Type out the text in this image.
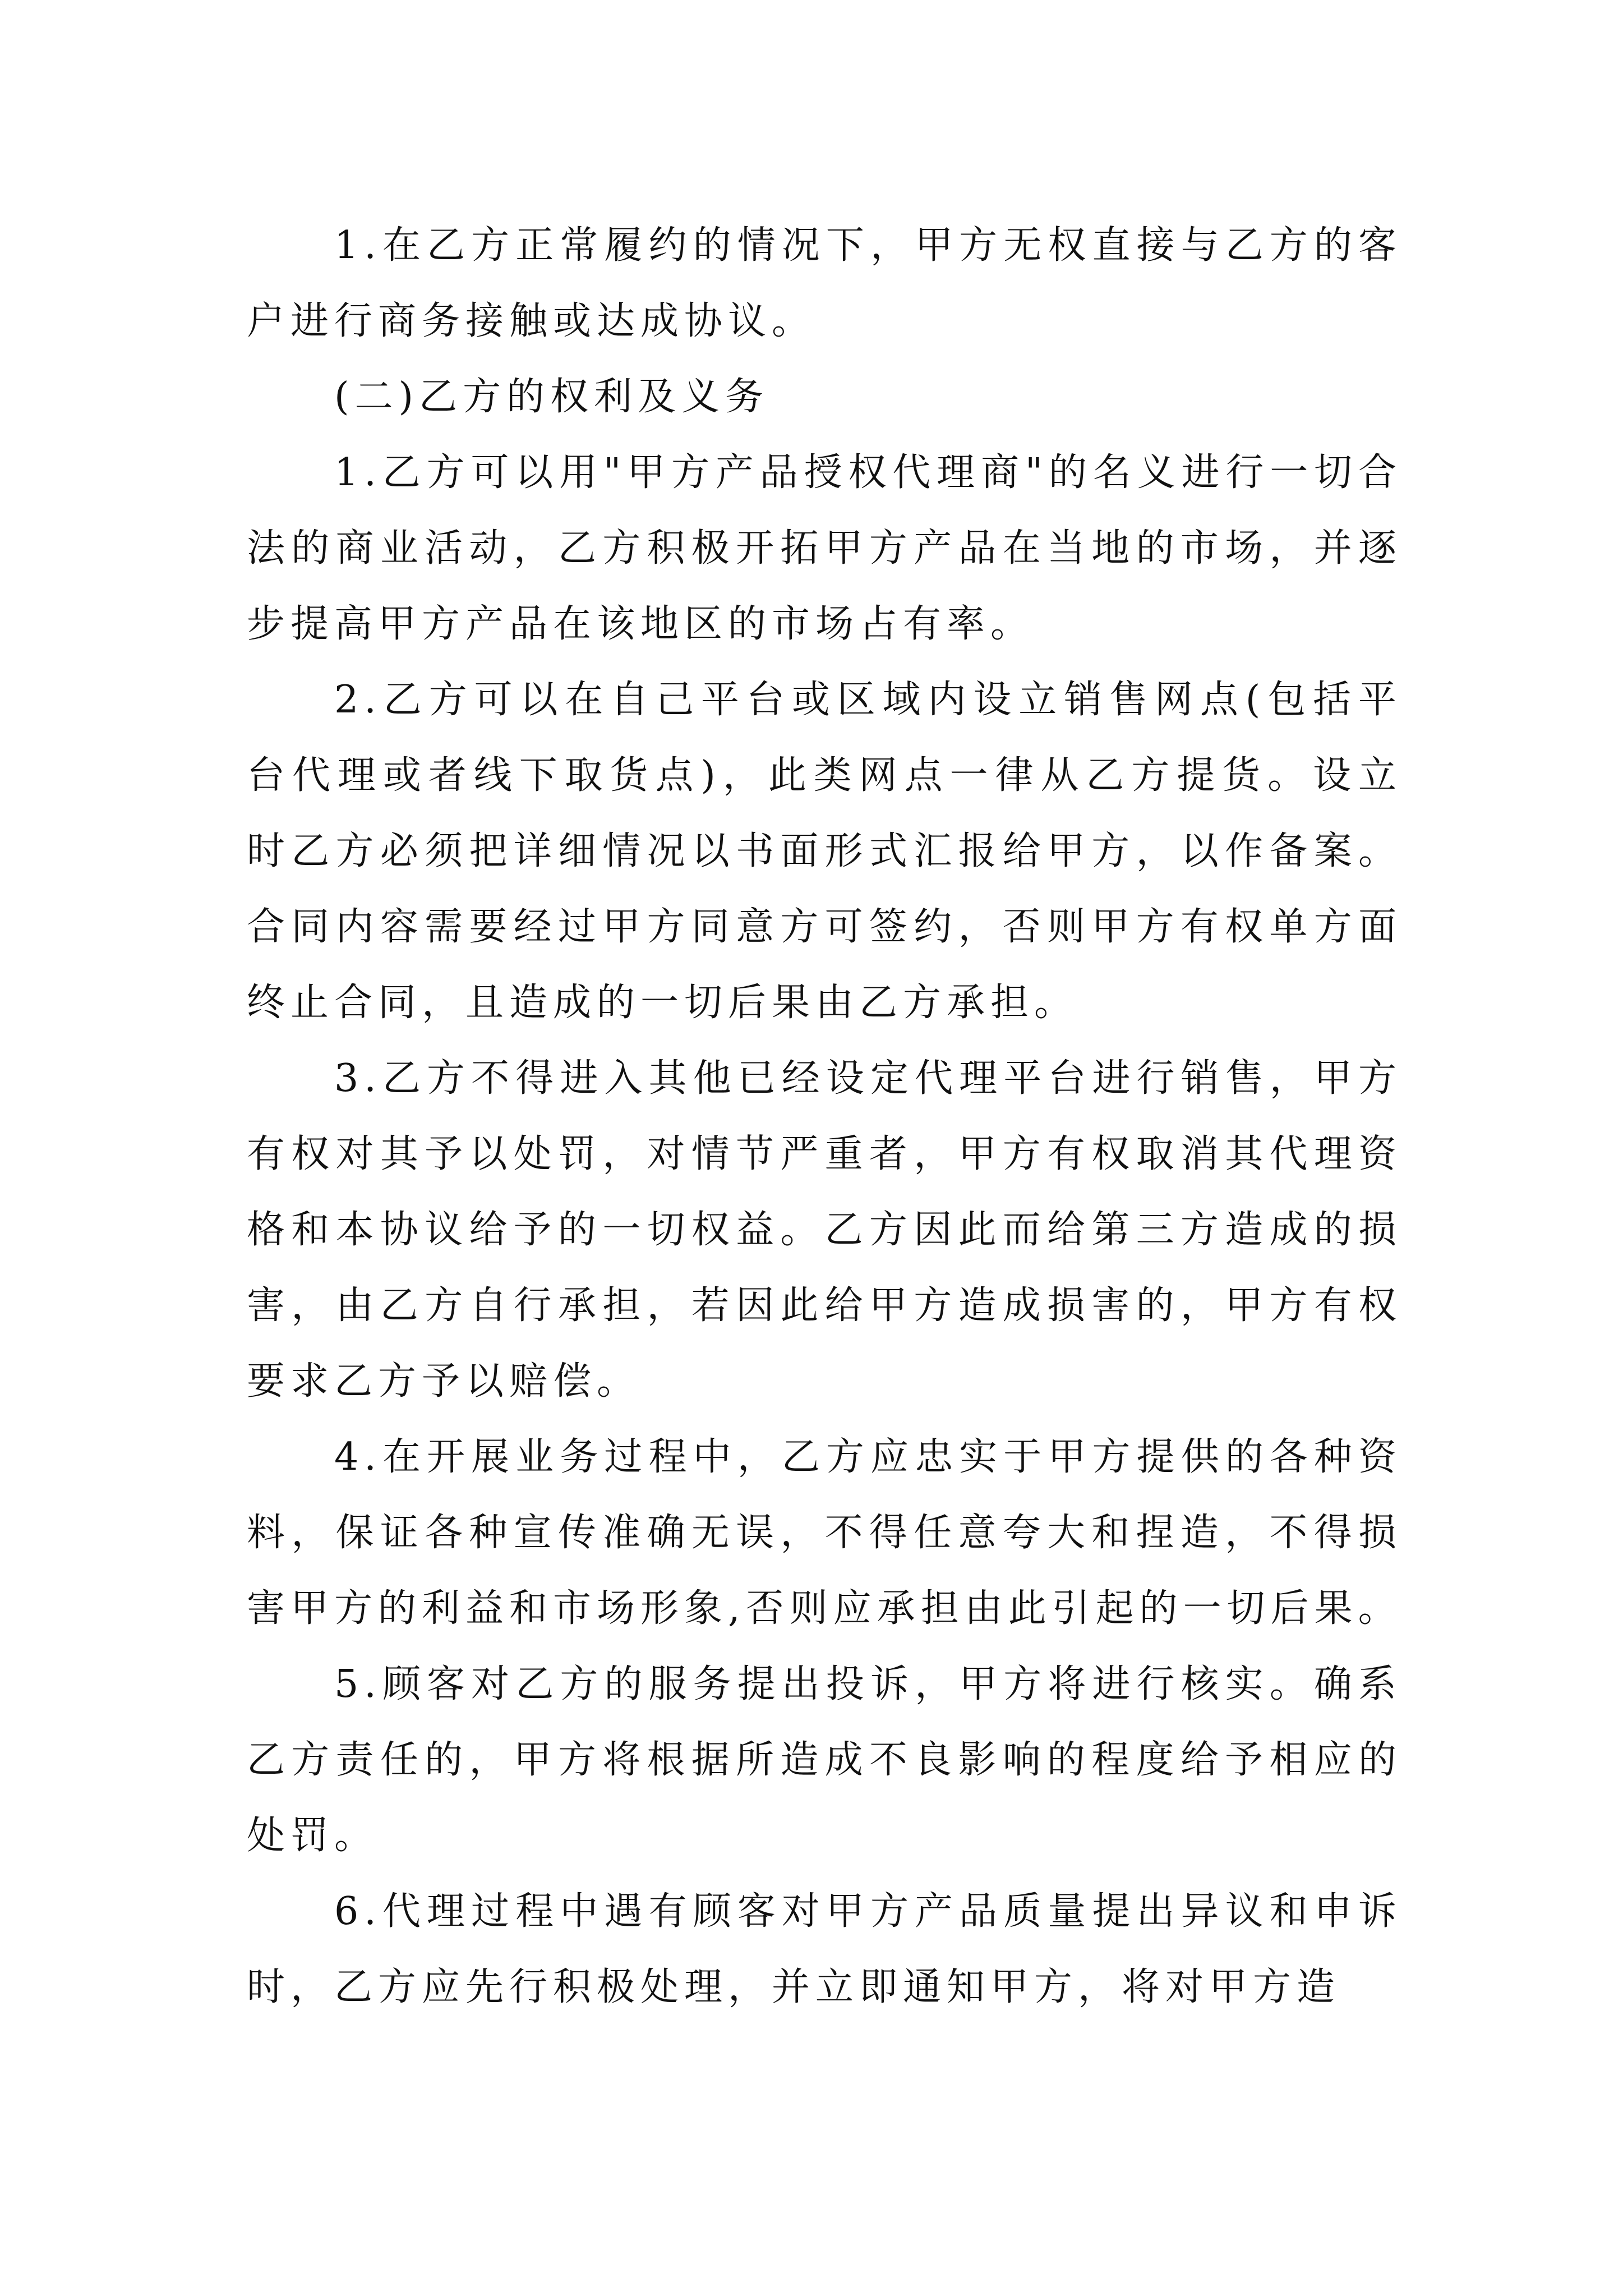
1.在乙方正常履约的情况下，甲方无权直接与乙方的客户进行商务接触或达成协议。

(二)乙方的权利及义务

1.乙方可以用"甲方产品授权代理商"的名义进行一切合法的商业活动，乙方积极开拓甲方产品在当地的市场，并逐步提高甲方产品在该地区的市场占有率。

2.乙方可以在自己平台或区域内设立销售网点(包括平台代理或者线下取货点)，此类网点一律从乙方提货。设立时乙方必须把详细情况以书面形式汇报给甲方，以作备案。合同内容需要经过甲方同意方可签约，否则甲方有权单方面终止合同，且造成的一切后果由乙方承担。

3.乙方不得进入其他已经设定代理平台进行销售，甲方有权对其予以处罚，对情节严重者，甲方有权取消其代理资格和本协议给予的一切权益。乙方因此而给第三方造成的损害，由乙方自行承担，若因此给甲方造成损害的，甲方有权要求乙方予以赔偿。

4.在开展业务过程中，乙方应忠实于甲方提供的各种资料，保证各种宣传准确无误，不得任意夸大和捏造，不得损害甲方的利益和市场形象,否则应承担由此引起的一切后果。

5.顾客对乙方的服务提出投诉，甲方将进行核实。确系乙方责任的，甲方将根据所造成不良影响的程度给予相应的处罚。

6.代理过程中遇有顾客对甲方产品质量提出异议和申诉时，乙方应先行积极处理，并立即通知甲方，将对甲方造
